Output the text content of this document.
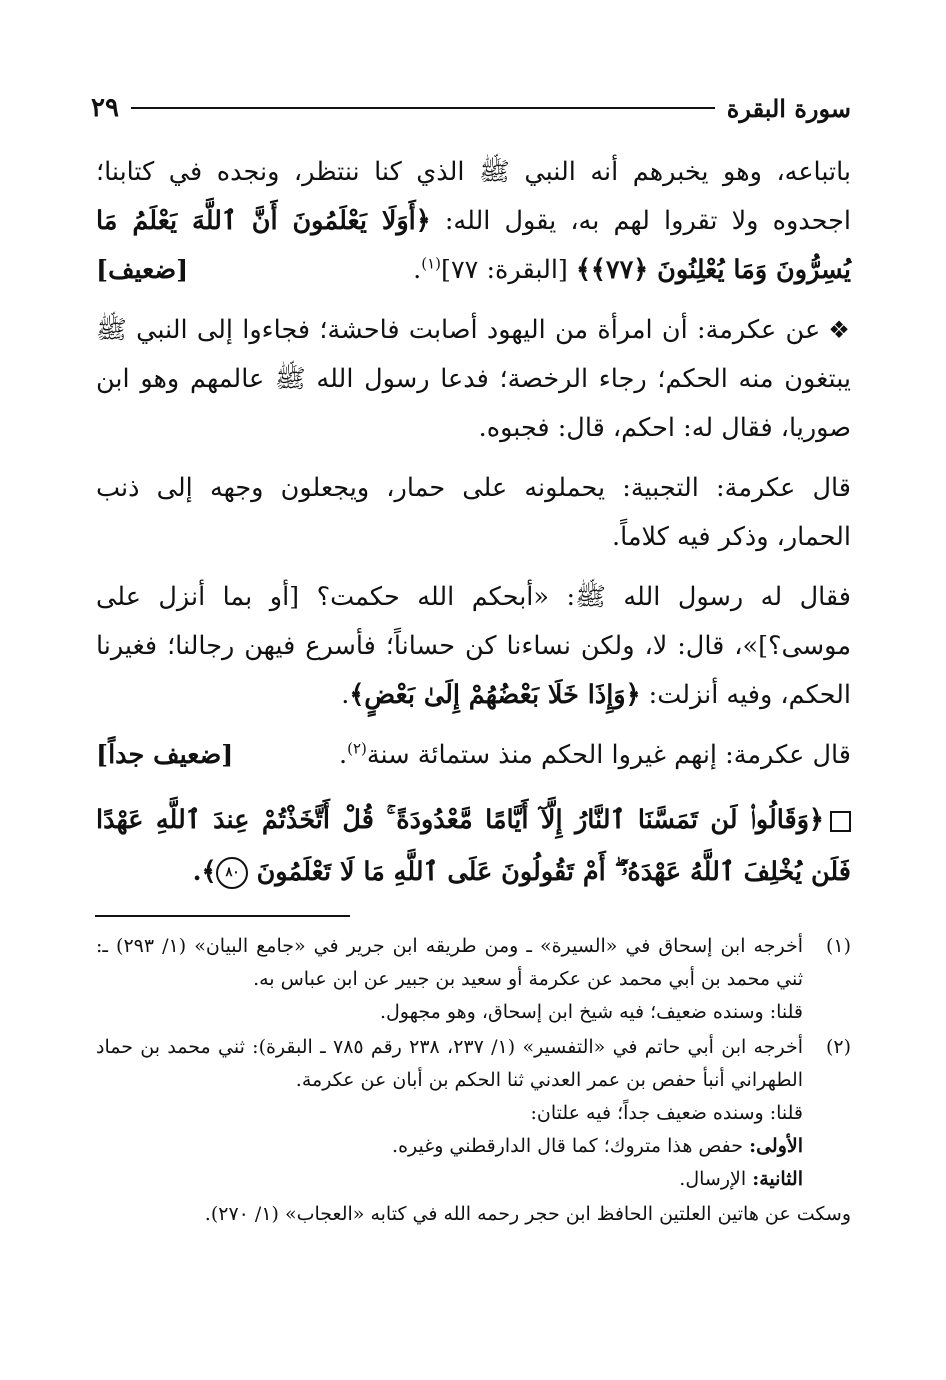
سورة البقرة
٢٩

باتباعه، وهو يخبرهم أنه النبي ﷺ الذي كنا ننتظر، ونجده في كتابنا؛ اجحدوه ولا تقروا لهم به، يقول الله: ﴿أَوَلَا يَعْلَمُونَ أَنَّ ٱللَّهَ يَعْلَمُ مَا يُسِرُّونَ وَمَا يُعْلِنُونَ ﴿٧٧﴾﴾ [البقرة: ٧٧]$^{(١)}$.
[ضعيف]

❖ عن عكرمة: أن امرأة من اليهود أصابت فاحشة؛ فجاءوا إلى النبي ﷺ يبتغون منه الحكم؛ رجاء الرخصة؛ فدعا رسول الله ﷺ عالمهم وهو ابن صوريا، فقال له: احكم، قال: فجبوه.

قال عكرمة: التجبية: يحملونه على حمار، ويجعلون وجهه إلى ذنب الحمار، وذكر فيه كلاماً.

فقال له رسول الله ﷺ: «أبحكم الله حكمت؟ [أو بما أنزل على موسى؟]»، قال: لا، ولكن نساءنا كن حساناً؛ فأسرع فيهن رجالنا؛ فغيرنا الحكم، وفيه أنزلت: ﴿وَإِذَا خَلَا بَعْضُهُمْ إِلَىٰ بَعْضٍ﴾.

قال عكرمة: إنهم غيروا الحكم منذ ستمائة سنة$^{(٢)}$.
[ضعيف جداً]

﴿وَقَالُوا۟ لَن تَمَسَّنَا ٱلنَّارُ إِلَّآ أَيَّامًا مَّعْدُودَةً ۚ قُلْ أَتَّخَذْتُمْ عِندَ ٱللَّهِ عَهْدًا فَلَن يُخْلِفَ ٱللَّهُ عَهْدَهُۥٓ ۖ أَمْ تَقُولُونَ عَلَى ٱللَّهِ مَا لَا تَعْلَمُونَ ٨٠﴾.

(١)

أخرجه ابن إسحاق في «السيرة» ـ ومن طريقه ابن جرير في «جامع البيان» (١/ ٢٩٣) ـ: ثني محمد بن أبي محمد عن عكرمة أو سعيد بن جبير عن ابن عباس به.

قلنا: وسنده ضعيف؛ فيه شيخ ابن إسحاق، وهو مجهول.

(٢)

أخرجه ابن أبي حاتم في «التفسير» (١/ ٢٣٧، ٢٣٨ رقم ٧٨٥ ـ البقرة): ثني محمد بن حماد الطهراني أنبأ حفص بن عمر العدني ثنا الحكم بن أبان عن عكرمة.

قلنا: وسنده ضعيف جداً؛ فيه علتان:

الأولى: حفص هذا متروك؛ كما قال الدارقطني وغيره.

الثانية: الإرسال.

وسكت عن هاتين العلتين الحافظ ابن حجر رحمه الله في كتابه «العجاب» (١/ ٢٧٠).
